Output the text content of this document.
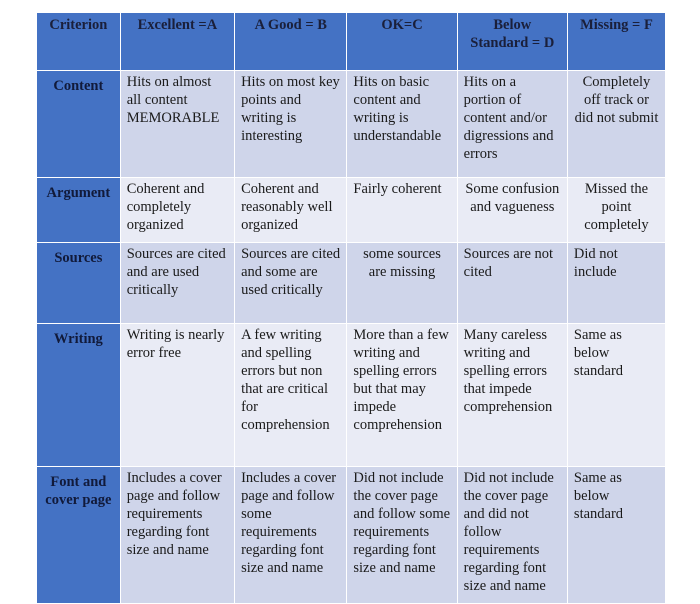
Criterion	Excellent =A	A Good = B	OK=C	Below Standard = D	Missing = F
Content	Hits on almost all content MEMORABLE	Hits on most key points and writing is interesting	Hits on basic content and writing is understandable	Hits on a portion of content and/or digressions and errors	Completely off track or did not submit
Argument	Coherent and completely organized	Coherent and reasonably well organized	Fairly coherent	Some confusion and vagueness	Missed the point completely
Sources	Sources are cited and are used critically	Sources are cited and some are used critically	some sources are missing	Sources are not cited	Did not include
Writing	Writing is nearly error free	A few writing and spelling errors but non that are critical for comprehension	More than a few writing and spelling errors but that may impede comprehension	Many careless writing and spelling errors that impede comprehension	Same as below standard
Font and cover page	Includes a cover page and follow requirements regarding font size and name	Includes a cover page and follow some requirements regarding font size and name	Did not include the cover page and follow some requirements regarding font size and name	Did not include the cover page and did not follow requirements regarding font size and name	Same as below standard
